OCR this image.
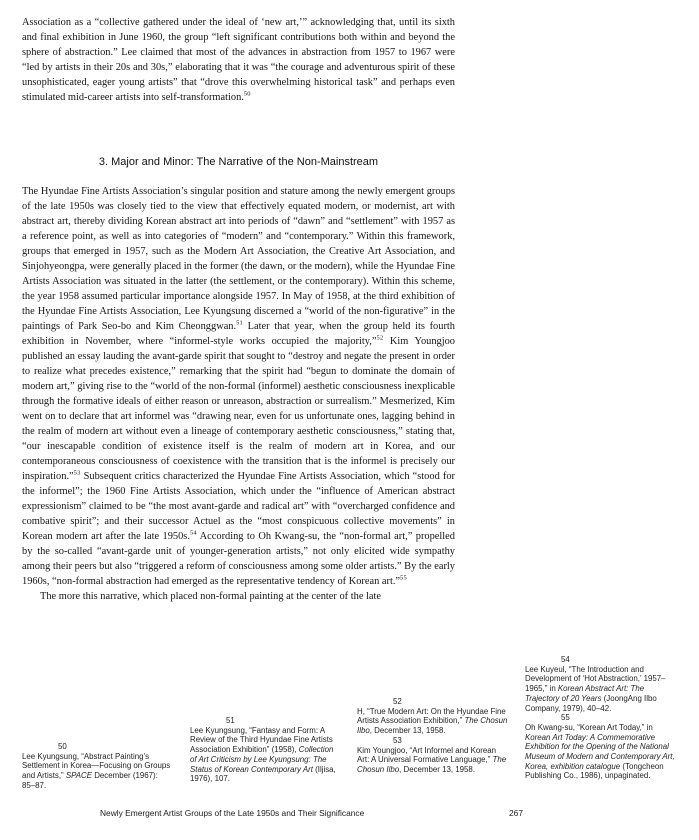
Association as a “collective gathered under the ideal of ‘new art,’” acknowledging that, until its sixth and final exhibition in June 1960, the group “left significant contributions both within and beyond the sphere of abstraction.” Lee claimed that most of the advances in abstraction from 1957 to 1967 were “led by artists in their 20s and 30s,” elaborating that it was “the courage and adventurous spirit of these unsophisticated, eager young artists” that “drove this overwhelming historical task” and perhaps even stimulated mid-career artists into self-transformation.$^{50}$

3. Major and Minor: The Narrative of the Non-Mainstream

The Hyundae Fine Artists Association’s singular position and stature among the newly emergent groups of the late 1950s was closely tied to the view that effectively equated modern, or modernist, art with abstract art, thereby dividing Korean abstract art into periods of “dawn” and “settlement” with 1957 as a reference point, as well as into categories of “modern” and “contemporary.” Within this framework, groups that emerged in 1957, such as the Modern Art Association, the Creative Art Association, and Sinjohyeongpa, were generally placed in the former (the dawn, or the modern), while the Hyundae Fine Artists Association was situated in the latter (the settlement, or the contemporary). Within this scheme, the year 1958 assumed particular importance alongside 1957. In May of 1958, at the third exhibition of the Hyundae Fine Artists Association, Lee Kyungsung discerned a “world of the non-figurative” in the paintings of Park Seo-bo and Kim Cheonggwan.$^{51}$ Later that year, when the group held its fourth exhibition in November, where “informel-style works occupied the majority,”$^{52}$ Kim Youngjoo published an essay lauding the avant-garde spirit that sought to “destroy and negate the present in order to realize what precedes existence,” remarking that the spirit had “begun to dominate the domain of modern art,” giving rise to the “world of the non-formal (informel) aesthetic consciousness inexplicable through the formative ideals of either reason or unreason, abstraction or surrealism.” Mesmerized, Kim went on to declare that art informel was “drawing near, even for us unfortunate ones, lagging behind in the realm of modern art without even a lineage of contemporary aesthetic consciousness,” stating that, “our inescapable condition of existence itself is the realm of modern art in Korea, and our contemporaneous consciousness of coexistence with the transition that is the informel is precisely our inspiration.”$^{53}$ Subsequent critics characterized the Hyundae Fine Artists Association, which “stood for the informel”; the 1960 Fine Artists Association, which under the “influence of American abstract expressionism” claimed to be “the most avant-garde and radical art” with “overcharged confidence and combative spirit”; and their successor Actuel as the “most conspicuous collective movements” in Korean modern art after the late 1950s.$^{54}$ According to Oh Kwang-su, the “non-formal art,” propelled by the so-called “avant-garde unit of younger-generation artists,” not only elicited wide sympathy among their peers but also “triggered a reform of consciousness among some older artists.” By the early 1960s, “non-formal abstraction had emerged as the representative tendency of Korean art.”$^{55}$

The more this narrative, which placed non-formal painting at the center of the late

50
Lee Kyungsung, “Abstract Painting’s Settlement in Korea—Focusing on Groups and Artists,” SPACE December (1967): 85–87.
51
Lee Kyungsung, “Fantasy and Form: A Review of the Third Hyundae Fine Artists Association Exhibition” (1958), Collection of Art Criticism by Lee Kyungsung: The Status of Korean Contemporary Art (Iljisa, 1976), 107.
52
H, “True Modern Art: On the Hyundae Fine Artists Association Exhibition,” The Chosun Ilbo, December 13, 1958.
53
Kim Youngjoo, “Art Informel and Korean Art: A Universal Formative Language,” The Chosun Ilbo, December 13, 1958.
54
Lee Kuyeul, “The Introduction and Development of ‘Hot Abstraction,’ 1957–1965,” in Korean Abstract Art: The Trajectory of 20 Years (JoongAng Ilbo Company, 1979), 40–42.
55
Oh Kwang-su, “Korean Art Today,” in Korean Art Today: A Commemorative Exhibition for the Opening of the National Museum of Modern and Contemporary Art, Korea, exhibition catalogue (Tongcheon Publishing Co., 1986), unpaginated.
Newly Emergent Artist Groups of the Late 1950s and Their Significance	267
